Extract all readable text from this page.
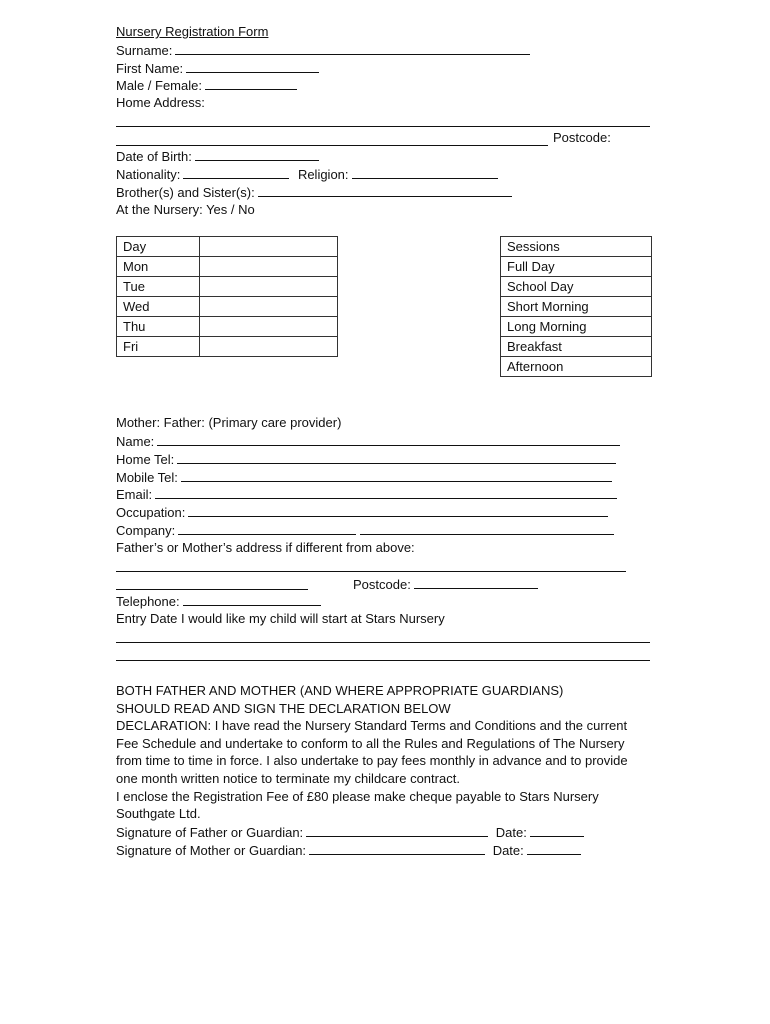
Nursery Registration Form
Surname:
First Name:
Male / Female:
Home Address:
Postcode:
Date of Birth:
Nationality:	Religion:
Brother(s) and Sister(s):
At the Nursery: Yes / No
Day	
Mon	
Tue	
Wed	
Thu	
Fri	
Sessions
Full Day
School Day
Short Morning
Long Morning
Breakfast
Afternoon
Mother: Father: (Primary care provider)
Name:
Home Tel:
Mobile Tel:
Email:
Occupation:
Company:
Father’s or Mother’s address if different from above:
Postcode:
Telephone:
Entry Date I would like my child will start at Stars Nursery

BOTH FATHER AND MOTHER (AND WHERE APPROPRIATE GUARDIANS)

SHOULD READ AND SIGN THE DECLARATION BELOW

DECLARATION: I have read the Nursery Standard Terms and Conditions and the current Fee Schedule and undertake to conform to all the Rules and Regulations of The Nursery from time to time in force. I also undertake to pay fees monthly in advance and to provide one month written notice to terminate my childcare contract.

I enclose the Registration Fee of £80 please make cheque payable to Stars Nursery Southgate Ltd.

Signature of Father or Guardian:	Date:

Signature of Mother or Guardian:	Date:
